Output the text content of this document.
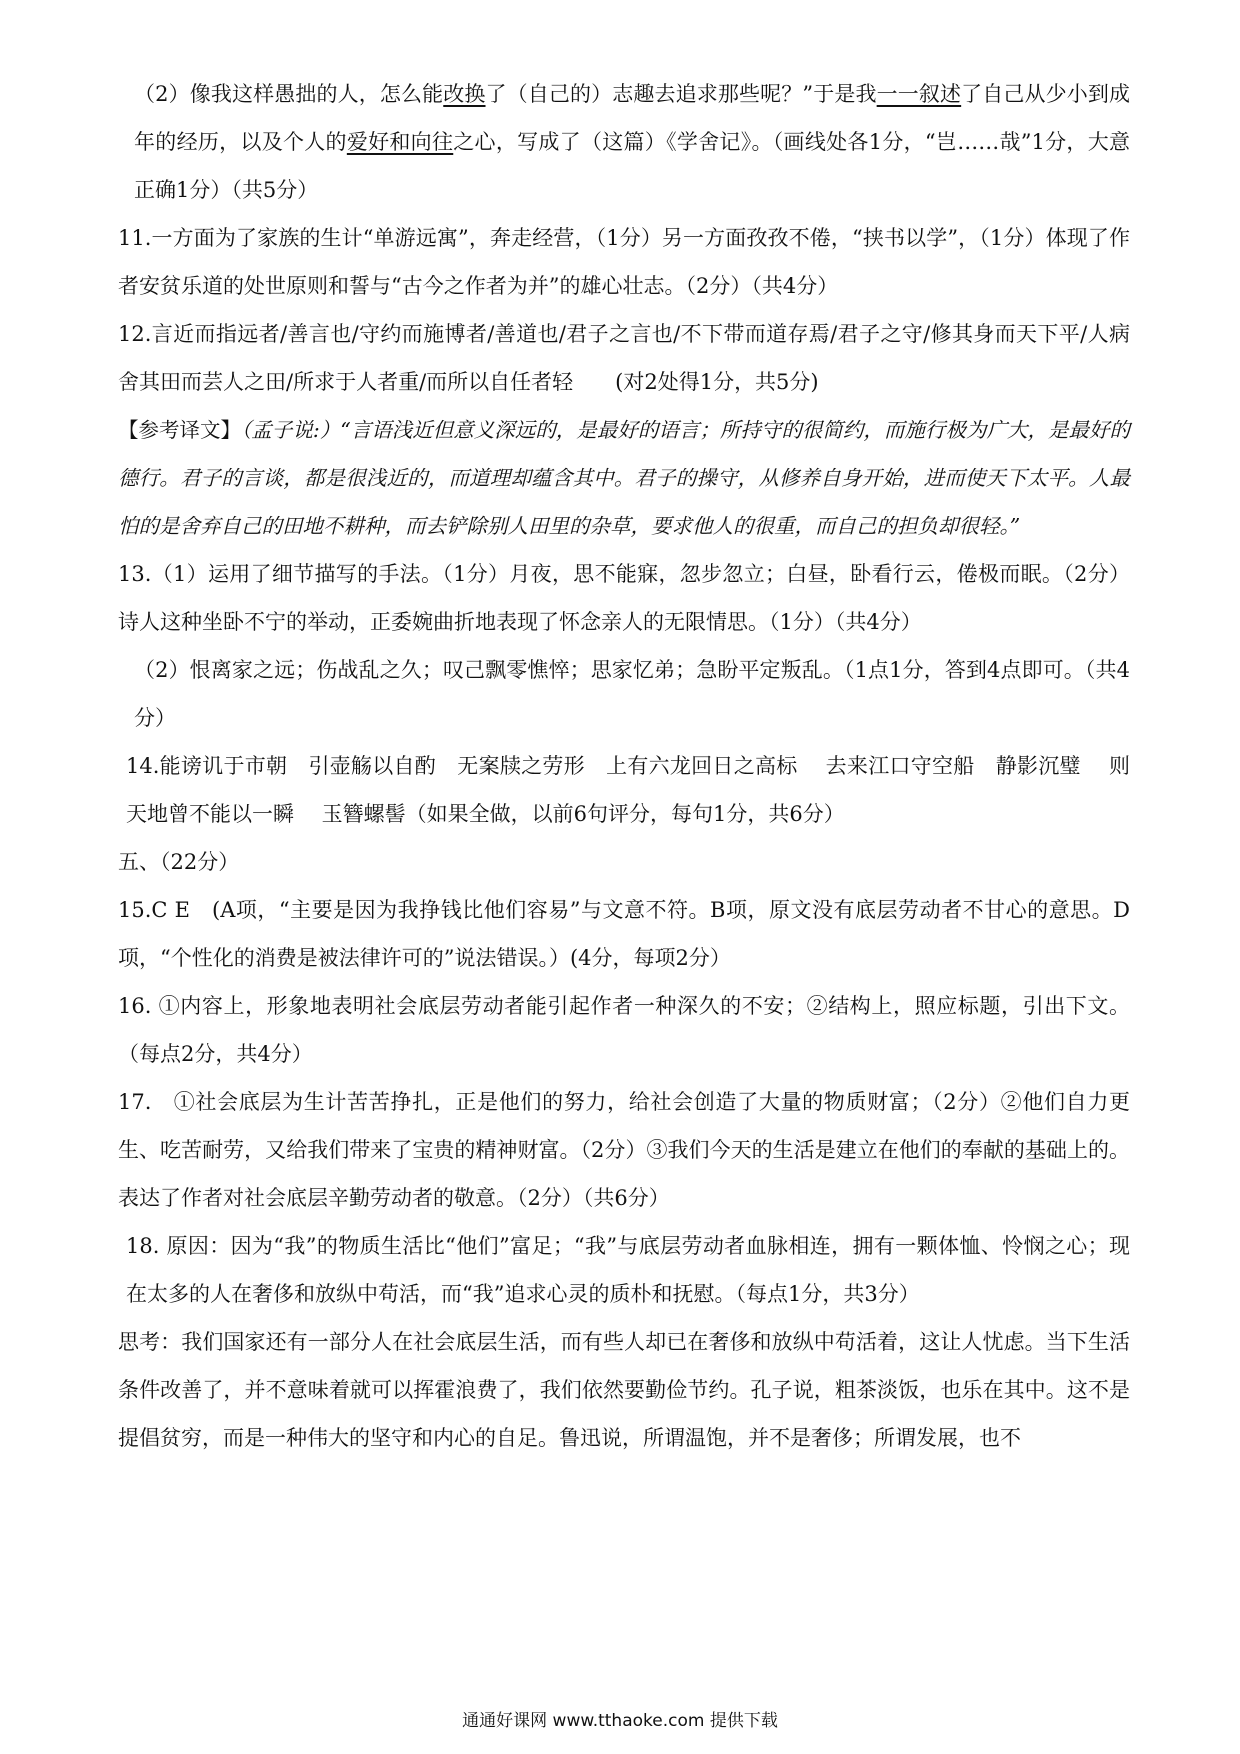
（2）像我这样愚拙的人，怎么能改换了（自己的）志趣去追求那些呢？”于是我一一叙述了自己从少小到成年的经历，以及个人的爱好和向往之心，写成了（这篇）《学舍记》。（画线处各1分，“岂……哉”1分，大意正确1分）（共5分）

11.一方面为了家族的生计“单游远寓”，奔走经营，（1分）另一方面孜孜不倦，“挟书以学”，（1分）体现了作者安贫乐道的处世原则和誓与“古今之作者为并”的雄心壮志。（2分）（共4分）

12.言近而指远者/善言也/守约而施博者/善道也/君子之言也/不下带而道存焉/君子之守/修其身而天下平/人病舍其田而芸人之田/所求于人者重/而所以自任者轻　　(对2处得1分，共5分)

【参考译文】（孟子说:）“言语浅近但意义深远的，是最好的语言；所持守的很简约，而施行极为广大，是最好的德行。君子的言谈，都是很浅近的，而道理却蕴含其中。君子的操守，从修养自身开始，进而使天下太平。人最怕的是舍弃自己的田地不耕种，而去铲除别人田里的杂草，要求他人的很重，而自己的担负却很轻。”

13.（1）运用了细节描写的手法。（1分）月夜，思不能寐，忽步忽立；白昼，卧看行云，倦极而眠。（2分）诗人这种坐卧不宁的举动，正委婉曲折地表现了怀念亲人的无限情思。（1分）（共4分）

（2）恨离家之远；伤战乱之久；叹己飘零憔悴；思家忆弟；急盼平定叛乱。（1点1分，答到4点即可。（共4分）

14.能谤讥于市朝　引壶觞以自酌　无案牍之劳形　上有六龙回日之高标　 去来江口守空船　静影沉璧　 则天地曾不能以一瞬　 玉簪螺髻（如果全做，以前6句评分，每句1分，共6分）

五、（22分）

15.C E　(A项，“主要是因为我挣钱比他们容易”与文意不符。B项，原文没有底层劳动者不甘心的意思。D项，“个性化的消费是被法律许可的”说法错误。）(4分，每项2分）

16. ①内容上，形象地表明社会底层劳动者能引起作者一种深久的不安；②结构上，照应标题，引出下文。（每点2分，共4分）

17.　①社会底层为生计苦苦挣扎，正是他们的努力，给社会创造了大量的物质财富；（2分）②他们自力更生、吃苦耐劳，又给我们带来了宝贵的精神财富。（2分）③我们今天的生活是建立在他们的奉献的基础上的。表达了作者对社会底层辛勤劳动者的敬意。（2分）（共6分）

18. 原因：因为“我”的物质生活比“他们”富足；“我”与底层劳动者血脉相连，拥有一颗体恤、怜悯之心；现在太多的人在奢侈和放纵中苟活，而“我”追求心灵的质朴和抚慰。（每点1分，共3分）

思考：我们国家还有一部分人在社会底层生活，而有些人却已在奢侈和放纵中苟活着，这让人忧虑。当下生活条件改善了，并不意味着就可以挥霍浪费了，我们依然要勤俭节约。孔子说，粗茶淡饭，也乐在其中。这不是提倡贫穷，而是一种伟大的坚守和内心的自足。鲁迅说，所谓温饱，并不是奢侈；所谓发展，也不

通通好课网 www.tthaoke.com 提供下载
